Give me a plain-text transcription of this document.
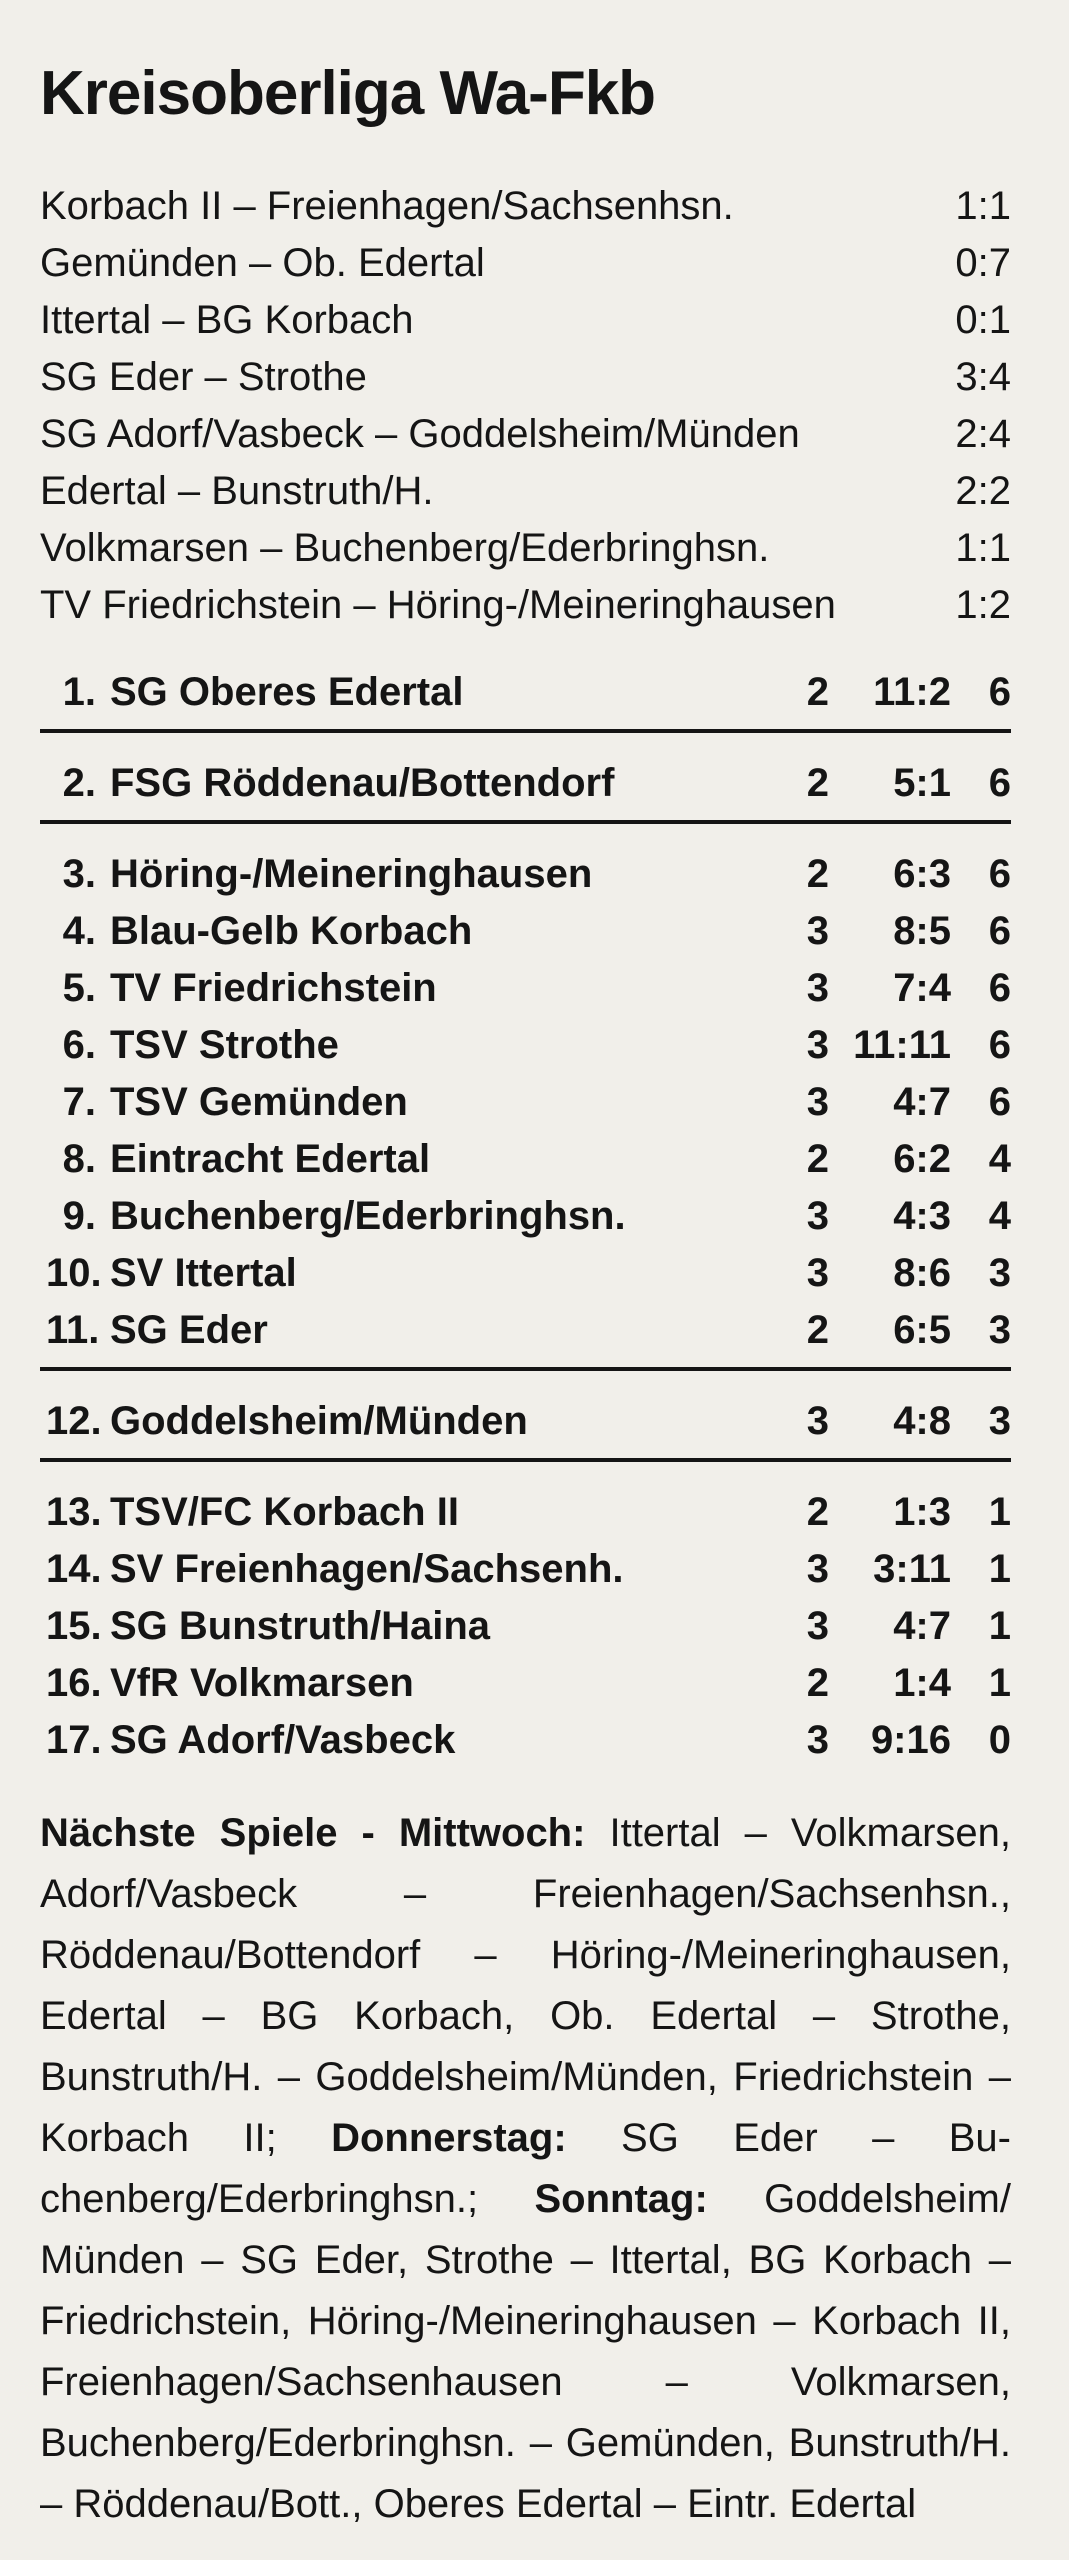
Kreisoberliga Wa-Fkb
Korbach II – Freienhagen/Sachsenhsn.	1:1
Gemünden – Ob. Edertal	0:7
Ittertal – BG Korbach	0:1
SG Eder – Strothe	3:4
SG Adorf/Vasbeck – Goddelsheim/Münden	2:4
Edertal – Bunstruth/H.	2:2
Volkmarsen – Buchenberg/Ederbringhsn.	1:1
TV Friedrichstein – Höring-/Meineringhausen	1:2
1. SG Oberes Edertal	2	11:2 6
2. FSG Röddenau/Bottendorf	2	5:1 6
3. Höring-/Meineringhausen	2	6:3 6
4. Blau-Gelb Korbach	3	8:5 6
5. TV Friedrichstein	3	7:4 6
6. TSV Strothe	3 11:11 6
7. TSV Gemünden	3	4:7 6
8. Eintracht Edertal	2	6:2 4
9. Buchenberg/Ederbringhsn.	3	4:3 4
10. SV Ittertal	3	8:6 3
11. SG Eder	2	6:5 3
12. Goddelsheim/Münden	3	4:8 3
13. TSV/FC Korbach II	2	1:3 1
14. SV Freienhagen/Sachsenh.	3	3:11 1
15. SG Bunstruth/Haina	3	4:7 1
16. VfR Volkmarsen	2	1:4 1
17. SG Adorf/Vasbeck	3	9:16 0

Nächste Spiele - Mittwoch: Ittertal – Volkmarsen, Adorf/Vasbeck – Freienhagen/Sachsenhsn., Röddenau/Bottendorf – Höring-/Meineringhausen, Edertal – BG Korbach, Ob. Edertal – Strothe, Bunstruth/H. – Goddelsheim/Münden, Friedrichstein – Korbach II; Donnerstag: SG Eder – Buchenberg/Ederbringhsn.; Sonntag: Goddelsheim/ Münden – SG Eder, Strothe – Ittertal, BG Korbach – Friedrichstein, Höring-/Meineringhausen – Korbach II, Freienhagen/Sachsenhausen – Volkmarsen, Buchenberg/Ederbringhsn. – Gemünden, Bunstruth/H. – Röddenau/Bott., Oberes Edertal – Eintr. Edertal
